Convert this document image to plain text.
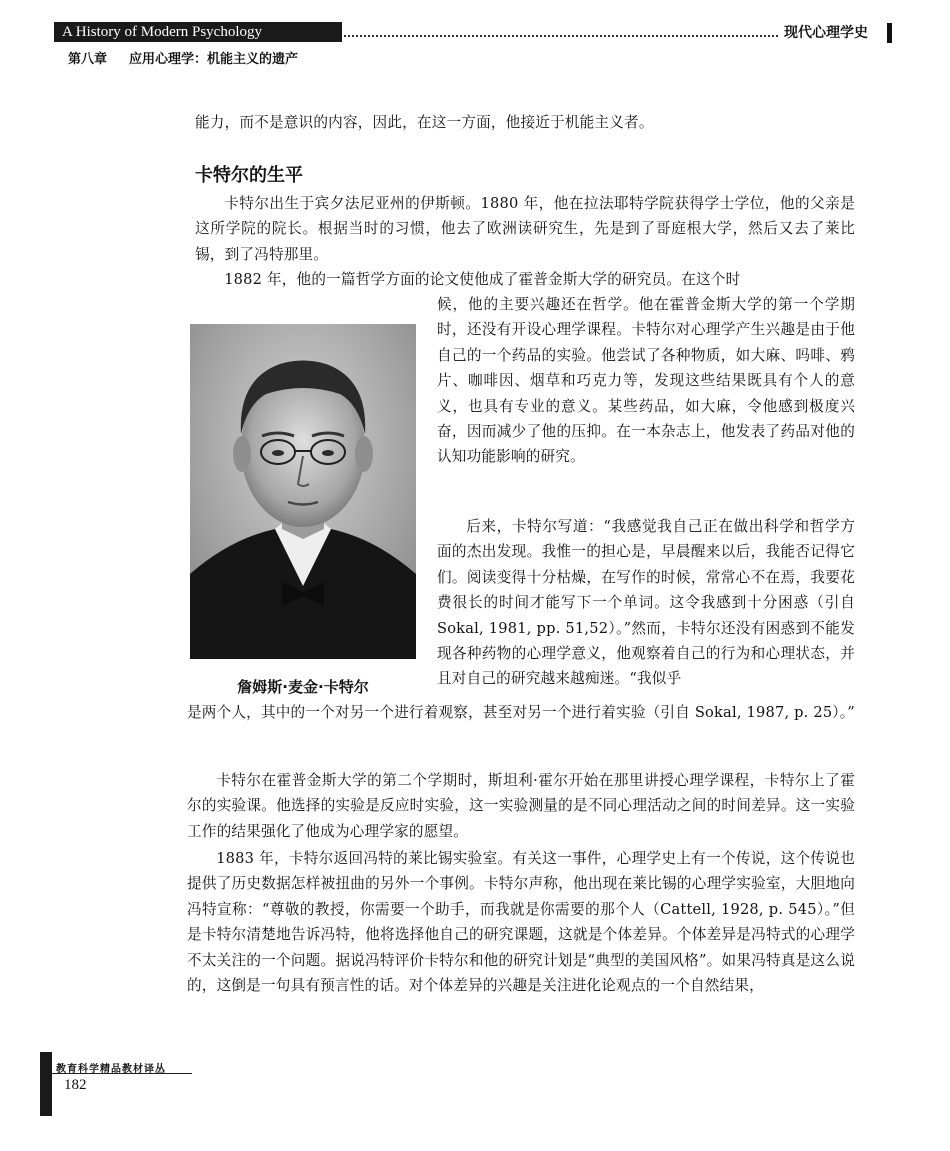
A History of Modern Psychology	现代心理学史
第八章 应用心理学：机能主义的遗产

能力，而不是意识的内容，因此，在这一方面，他接近于机能主义者。

卡特尔的生平

卡特尔出生于宾夕法尼亚州的伊斯顿。1880 年，他在拉法耶特学院获得学士学位，他的父亲是这所学院的院长。根据当时的习惯，他去了欧洲读研究生，先是到了哥庭根大学，然后又去了莱比锡，到了冯特那里。

1882 年，他的一篇哲学方面的论文使他成了霍普金斯大学的研究员。在这个时

候，他的主要兴趣还在哲学。他在霍普金斯大学的第一个学期时，还没有开设心理学课程。卡特尔对心理学产生兴趣是由于他自己的一个药品的实验。他尝试了各种物质，如大麻、吗啡、鸦片、咖啡因、烟草和巧克力等，发现这些结果既具有个人的意义，也具有专业的意义。某些药品，如大麻，令他感到极度兴奋，因而减少了他的压抑。在一本杂志上，他发表了药品对他的认知功能影响的研究。

后来，卡特尔写道：“我感觉我自己正在做出科学和哲学方面的杰出发现。我惟一的担心是，早晨醒来以后，我能否记得它们。阅读变得十分枯燥，在写作的时候，常常心不在焉，我要花费很长的时间才能写下一个单词。这令我感到十分困惑（引自 Sokal, 1981, pp. 51,52）。”然而，卡特尔还没有困惑到不能发现各种药物的心理学意义，他观察着自己的行为和心理状态，并且对自己的研究越来越痴迷。“我似乎

是两个人，其中的一个对另一个进行着观察，甚至对另一个进行着实验（引自 Sokal, 1987, p. 25）。”

卡特尔在霍普金斯大学的第二个学期时，斯坦利·霍尔开始在那里讲授心理学课程，卡特尔上了霍尔的实验课。他选择的实验是反应时实验，这一实验测量的是不同心理活动之间的时间差异。这一实验工作的结果强化了他成为心理学家的愿望。

1883 年，卡特尔返回冯特的莱比锡实验室。有关这一事件，心理学史上有一个传说，这个传说也提供了历史数据怎样被扭曲的另外一个事例。卡特尔声称，他出现在莱比锡的心理学实验室，大胆地向冯特宣称：“尊敬的教授，你需要一个助手，而我就是你需要的那个人（Cattell, 1928, p. 545）。”但是卡特尔清楚地告诉冯特，他将选择他自己的研究课题，这就是个体差异。个体差异是冯特式的心理学不太关注的一个问题。据说冯特评价卡特尔和他的研究计划是“典型的美国风格”。如果冯特真是这么说的，这倒是一句具有预言性的话。对个体差异的兴趣是关注进化论观点的一个自然结果，

詹姆斯·麦金·卡特尔

教育科学精品教材译丛
182
